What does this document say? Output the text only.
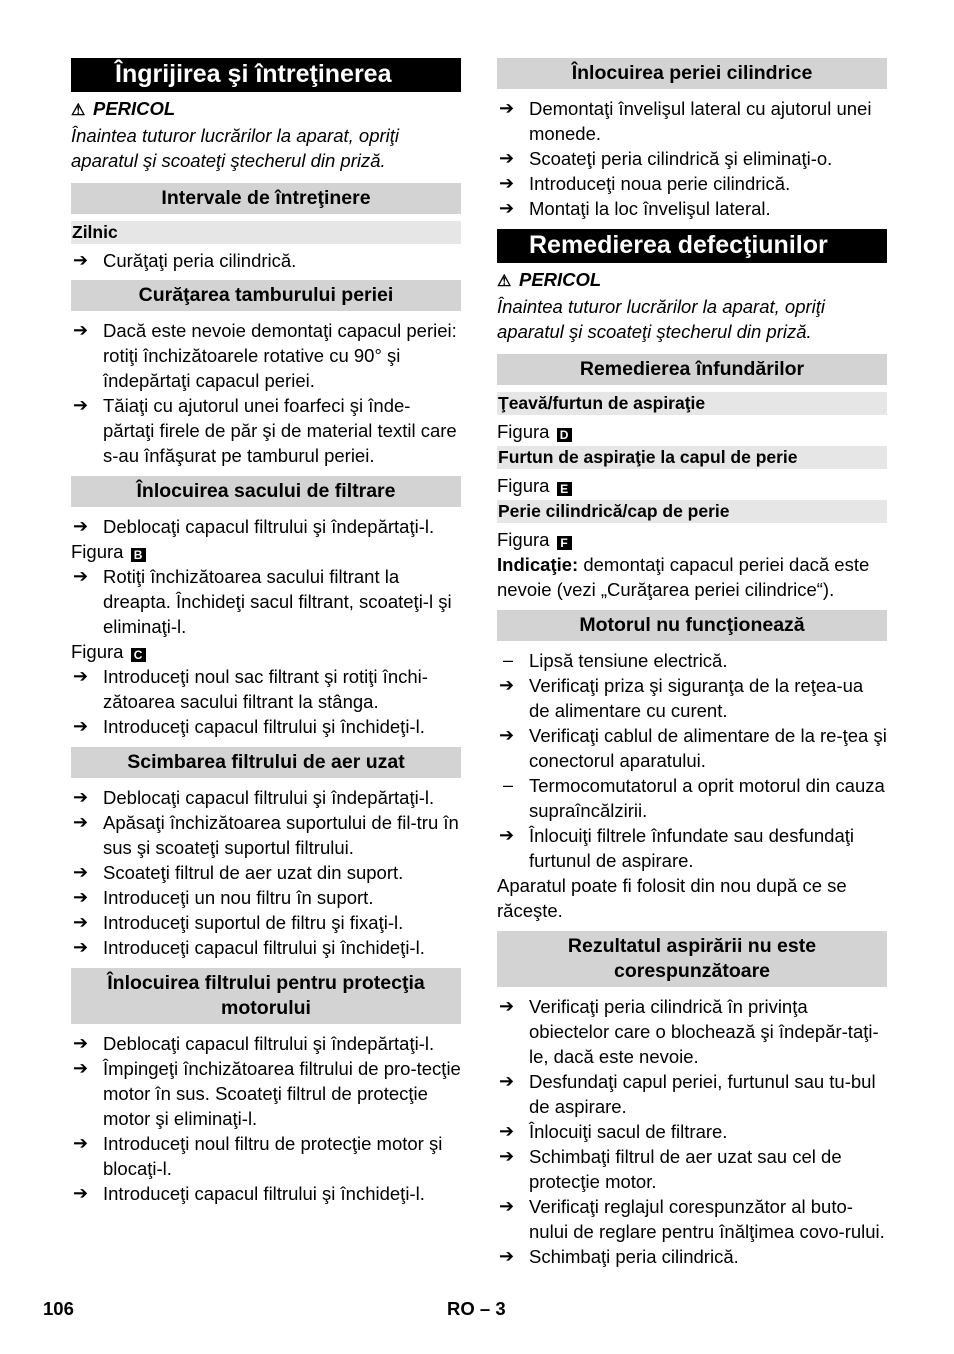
Îngrijirea şi întreţinerea
⚠ PERICOL

Înaintea tuturor lucrărilor la aparat, opriţi aparatul şi scoateţi ştecherul din priză.

Intervale de întreţinere
Zilnic
➔ Curăţaţi peria cilindrică.
Curăţarea tamburului periei
➔ Dacă este nevoie demontaţi capacul periei: rotiţi închizătoarele rotative cu 90° şi îndepărtaţi capacul periei.
➔ Tăiaţi cu ajutorul unei foarfeci şi înde-părtaţi firele de păr şi de material textil care s-au înfăşurat pe tamburul periei.
Înlocuirea sacului de filtrare
➔ Deblocaţi capacul filtrului şi îndepărtaţi-l.

Figura B

➔ Rotiţi închizătoarea sacului filtrant la dreapta. Închideţi sacul filtrant, scoateţi-l şi eliminaţi-l.

Figura C

➔ Introduceţi noul sac filtrant şi rotiţi închi-zătoarea sacului filtrant la stânga.
➔ Introduceţi capacul filtrului şi închideţi-l.
Scimbarea filtrului de aer uzat
➔ Deblocaţi capacul filtrului şi îndepărtaţi-l.
➔ Apăsaţi închizătoarea suportului de fil-tru în sus şi scoateţi suportul filtrului.
➔ Scoateţi filtrul de aer uzat din suport.
➔ Introduceţi un nou filtru în suport.
➔ Introduceţi suportul de filtru şi fixaţi-l.
➔ Introduceţi capacul filtrului şi închideţi-l.
Înlocuirea filtrului pentru protecţia motorului
➔ Deblocaţi capacul filtrului şi îndepărtaţi-l.
➔ Împingeţi închizătoarea filtrului de pro-tecţie motor în sus. Scoateţi filtrul de protecţie motor şi eliminaţi-l.
➔ Introduceţi noul filtru de protecţie motor şi blocaţi-l.
➔ Introduceţi capacul filtrului şi închideţi-l.
Înlocuirea periei cilindrice
➔ Demontaţi învelişul lateral cu ajutorul unei monede.
➔ Scoateţi peria cilindrică şi eliminaţi-o.
➔ Introduceţi noua perie cilindrică.
➔ Montaţi la loc învelişul lateral.
Remedierea defecţiunilor
⚠ PERICOL

Înaintea tuturor lucrărilor la aparat, opriţi aparatul şi scoateţi ştecherul din priză.

Remedierea înfundărilor
Ţeavă/furtun de aspiraţie

Figura D

Furtun de aspiraţie la capul de perie

Figura E

Perie cilindrică/cap de perie

Figura F

Indicaţie: demontaţi capacul periei dacă este nevoie (vezi „Curăţarea periei cilindrice“).

Motorul nu funcţionează
– Lipsă tensiune electrică.
➔ Verificaţi priza şi siguranţa de la reţea-ua de alimentare cu curent.
➔ Verificaţi cablul de alimentare de la re-ţea şi conectorul aparatului.
– Termocomutatorul a oprit motorul din cauza supraîncălzirii.
➔ Înlocuiţi filtrele înfundate sau desfundaţi furtunul de aspirare.

Aparatul poate fi folosit din nou după ce se răceşte.

Rezultatul aspirării nu este corespunzătoare
➔ Verificaţi peria cilindrică în privinţa obiectelor care o blochează şi îndepăr-taţi-le, dacă este nevoie.
➔ Desfundaţi capul periei, furtunul sau tu-bul de aspirare.
➔ Înlocuiţi sacul de filtrare.
➔ Schimbaţi filtrul de aer uzat sau cel de protecţie motor.
➔ Verificaţi reglajul corespunzător al buto-nului de reglare pentru înălţimea covo-rului.
➔ Schimbaţi peria cilindrică.
106	RO – 3
